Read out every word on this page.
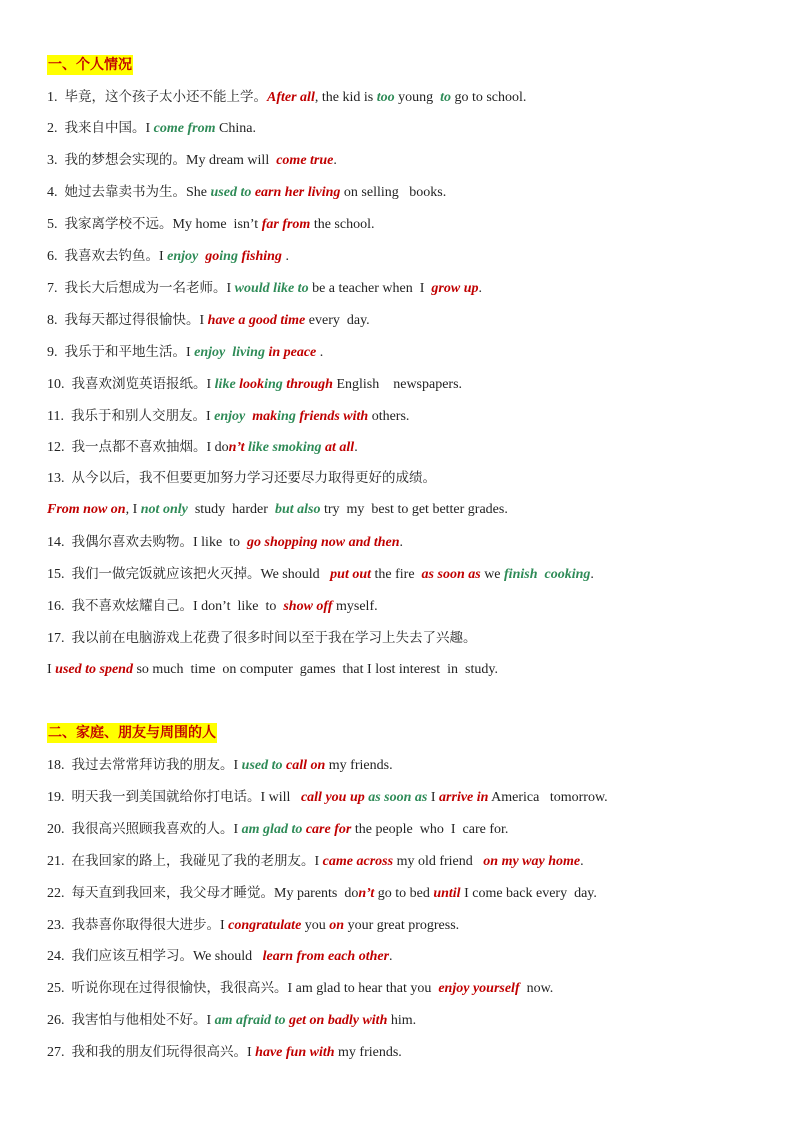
一、个人情况
二、家庭、朋友与周围的人
1.  毕竟，这个孩子太小还不能上学。After all, the kid is too young  to go to school.
2.  我来自中国。I come from China.
3.  我的梦想会实现的。My dream will  come true.
4.  她过去靠卖书为生。She used to earn her living on selling   books.
5.  我家离学校不远。My home  isn’t far from the school.
6.  我喜欢去钓鱼。I enjoy going fishing .
7.  我长大后想成为一名老师。I would like to be a teacher when  I  grow up.
8.  我每天都过得很愉快。I have a good time every  day.
9.  我乐于和平地生活。I enjoy  living in peace .
10.  我喜欢浏览英语报纸。I like looking through English    newspapers.
11.  我乐于和别人交朋友。I enjoy making friends with others.
12.  我一点都不喜欢抽烟。I don’t like smoking at all.
13.  从今以后，我不但要更加努力学习还要尽力取得更好的成绩。
From now on, I not only  study  harder  but also try  my  best to get better grades.
14.  我偶尔喜欢去购物。I like  to  go shopping now and then.
15.  我们一做完饭就应该把火灭掉。We should   put out the fire  as soon as we finish  cooking.
16.  我不喜欢炫耀自己。I don’t  like  to  show off myself.
17.  我以前在电脑游戏上花费了很多时间以至于我在学习上失去了兴趣。
I used to spend so much  time  on computer  games  that I lost interest  in  study.
18.  我过去常常拜访我的朋友。I used to call on my friends.
19.  明天我一到美国就给你打电话。I will   call you up as soon as I arrive in America   tomorrow.
20.  我很高兴照顾我喜欢的人。I am glad to care for the people  who  I  care for.
21.  在我回家的路上，我碰见了我的老朋友。I came across my old friend   on my way home.
22.  每天直到我回来，我父母才睡觉。My parents  don’t go to bed until I come back every  day.
23.  我恭喜你取得很大进步。I congratulate you on your great progress.
24.  我们应该互相学习。We should   learn from each other.
25.  听说你现在过得很愉快，我很高兴。I am glad to hear that you  enjoy yourself  now.
26.  我害怕与他相处不好。I am afraid to get on badly with him.
27.  我和我的朋友们玩得很高兴。I have fun with my friends.
